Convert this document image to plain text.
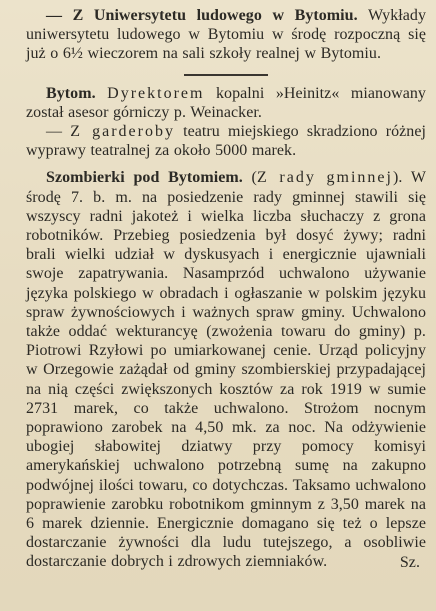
— Z Uniwersytetu ludowego w Bytomiu. Wykłady uniwersytetu ludowego w Bytomiu w środę rozpoczną się już o 6½ wieczorem na sali szkoły realnej w Bytomiu.

Bytom. Dyrektorem kopalni »Heinitz« mianowany został asesor górniczy p. Weinacker.

— Z garderoby teatru miejskiego skradziono różnej wyprawy teatralnej za około 5000 marek.

Szombierki pod Bytomiem. (Z rady gminnej). W środę 7. b. m. na posiedzenie rady gminnej stawili się wszyscy radni jakoteż i wielka liczba słuchaczy z grona robotników. Przebieg posiedzenia był dosyć żywy; radni brali wielki udział w dyskusyach i energicznie ujawniali swoje zapatrywania. Nasamprzód uchwalono używanie języka polskiego w obradach i ogłaszanie w polskim języku spraw żywnościowych i ważnych spraw gminy. Uchwalono także oddać wekturancyę (zwożenia towaru do gminy) p. Piotrowi Rzyłowi po umiarkowanej cenie. Urząd policyjny w Orzegowie zażądał od gminy szombierskiej przypadającej na nią części zwiększonych kosztów za rok 1919 w sumie 2731 marek, co także uchwalono. Strożom nocnym poprawiono zarobek na 4,50 mk. za noc. Na odżywienie ubogiej słabowitej dziatwy przy pomocy komisyi amerykańskiej uchwalono potrzebną sumę na zakupno podwójnej ilości towaru, co dotychczas. Taksamo uchwalono poprawienie zarobku robotnikom gminnym z 3,50 marek na 6 marek dziennie. Energicznie domagano się też o lepsze dostarczanie żywności dla ludu tutejszego, a osobliwie dostarczanie dobrych i zdrowych ziemniaków.	Sz.
